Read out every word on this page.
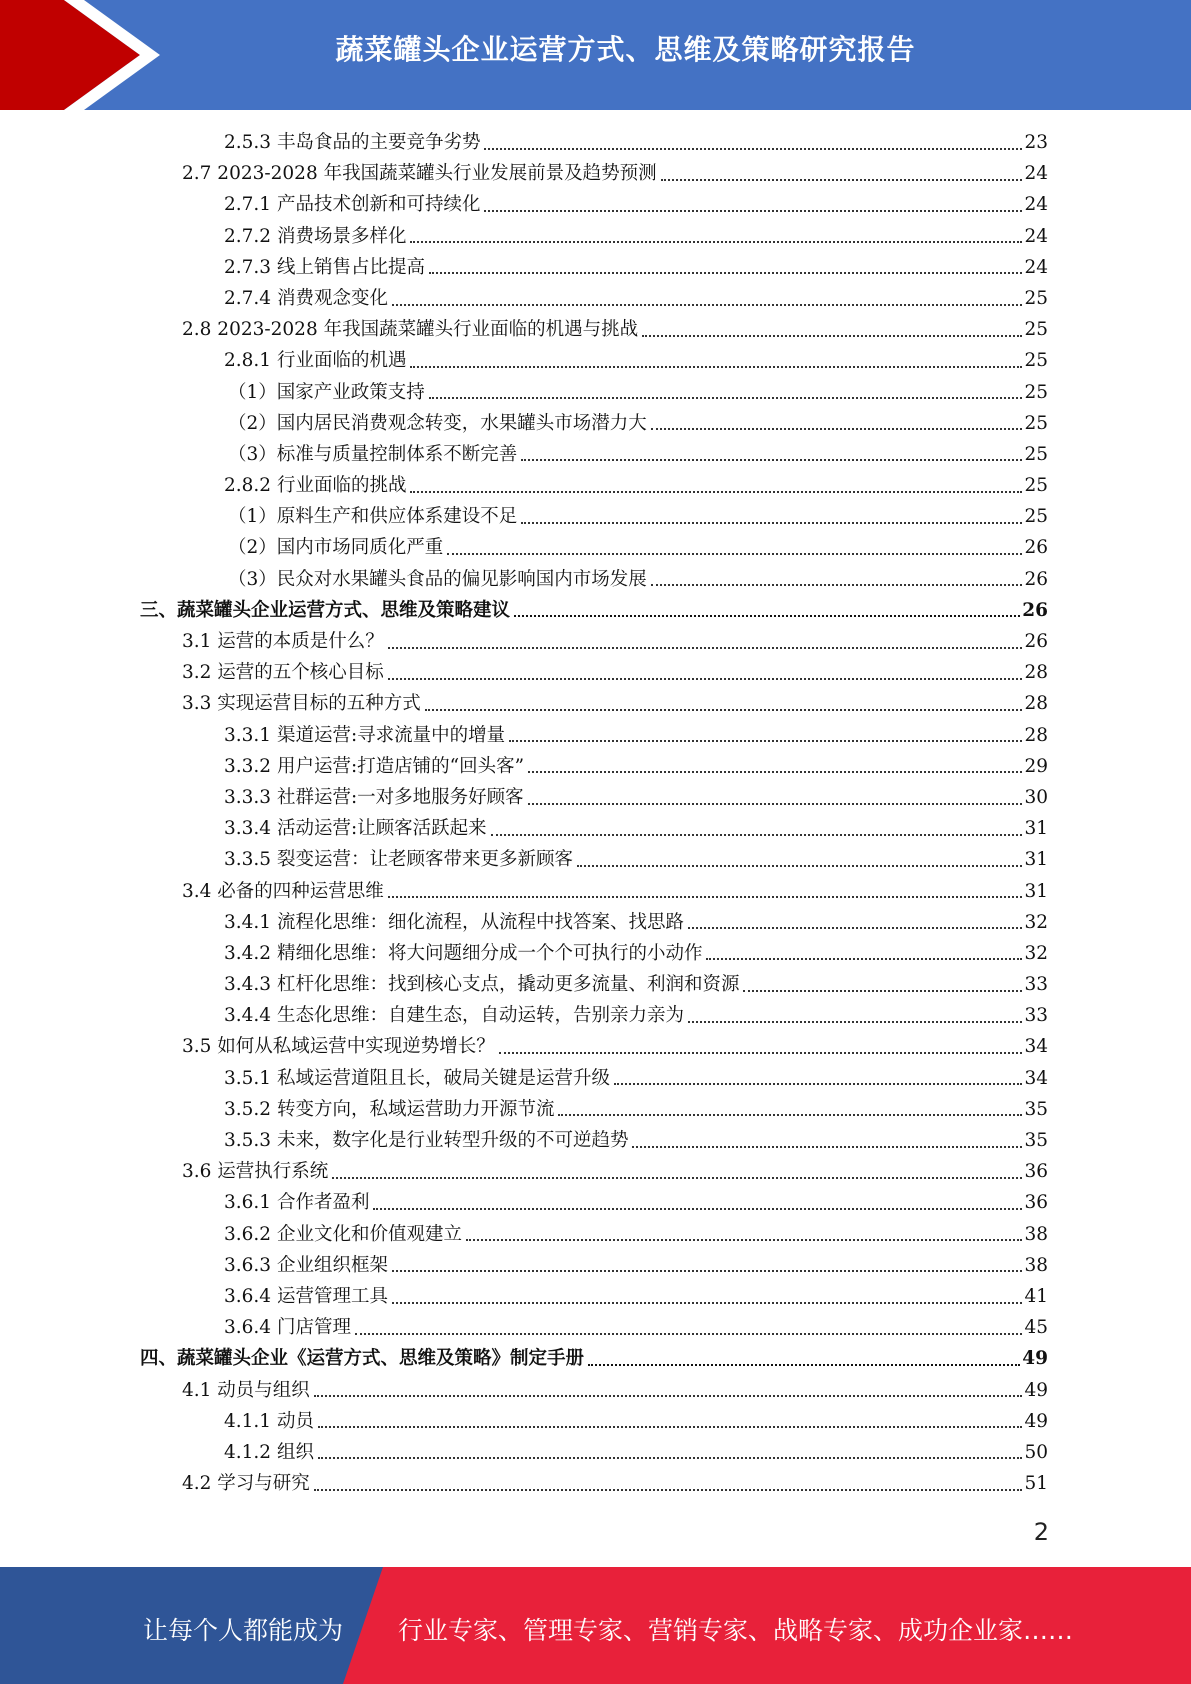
蔬菜罐头企业运营方式、思维及策略研究报告
2.5.3 丰岛食品的主要竞争劣势	23
2.7 2023-2028 年我国蔬菜罐头行业发展前景及趋势预测	24
2.7.1 产品技术创新和可持续化	24
2.7.2 消费场景多样化	24
2.7.3 线上销售占比提高	24
2.7.4 消费观念变化	25
2.8 2023-2028 年我国蔬菜罐头行业面临的机遇与挑战	25
2.8.1 行业面临的机遇	25
（1）国家产业政策支持	25
（2）国内居民消费观念转变，水果罐头市场潜力大	25
（3）标准与质量控制体系不断完善	25
2.8.2 行业面临的挑战	25
（1）原料生产和供应体系建设不足	25
（2）国内市场同质化严重	26
（3）民众对水果罐头食品的偏见影响国内市场发展	26
三、蔬菜罐头企业运营方式、思维及策略建议	26
3.1 运营的本质是什么？	26
3.2 运营的五个核心目标	28
3.3 实现运营目标的五种方式	28
3.3.1 渠道运营:寻求流量中的增量	28
3.3.2 用户运营:打造店铺的“回头客”	29
3.3.3 社群运营:一对多地服务好顾客	30
3.3.4 活动运营:让顾客活跃起来	31
3.3.5 裂变运营：让老顾客带来更多新顾客	31
3.4 必备的四种运营思维	31
3.4.1 流程化思维：细化流程，从流程中找答案、找思路	32
3.4.2 精细化思维：将大问题细分成一个个可执行的小动作	32
3.4.3 杠杆化思维：找到核心支点，撬动更多流量、利润和资源	33
3.4.4 生态化思维：自建生态，自动运转，告别亲力亲为	33
3.5 如何从私域运营中实现逆势增长？	34
3.5.1 私域运营道阻且长，破局关键是运营升级	34
3.5.2 转变方向，私域运营助力开源节流	35
3.5.3 未来，数字化是行业转型升级的不可逆趋势	35
3.6 运营执行系统	36
3.6.1 合作者盈利	36
3.6.2 企业文化和价值观建立	38
3.6.3 企业组织框架	38
3.6.4 运营管理工具	41
3.6.4 门店管理	45
四、蔬菜罐头企业《运营方式、思维及策略》制定手册	49
4.1 动员与组织	49
4.1.1 动员	49
4.1.2 组织	50
4.2 学习与研究	51
2
让每个人都能成为 行业专家、管理专家、营销专家、战略专家、成功企业家……
